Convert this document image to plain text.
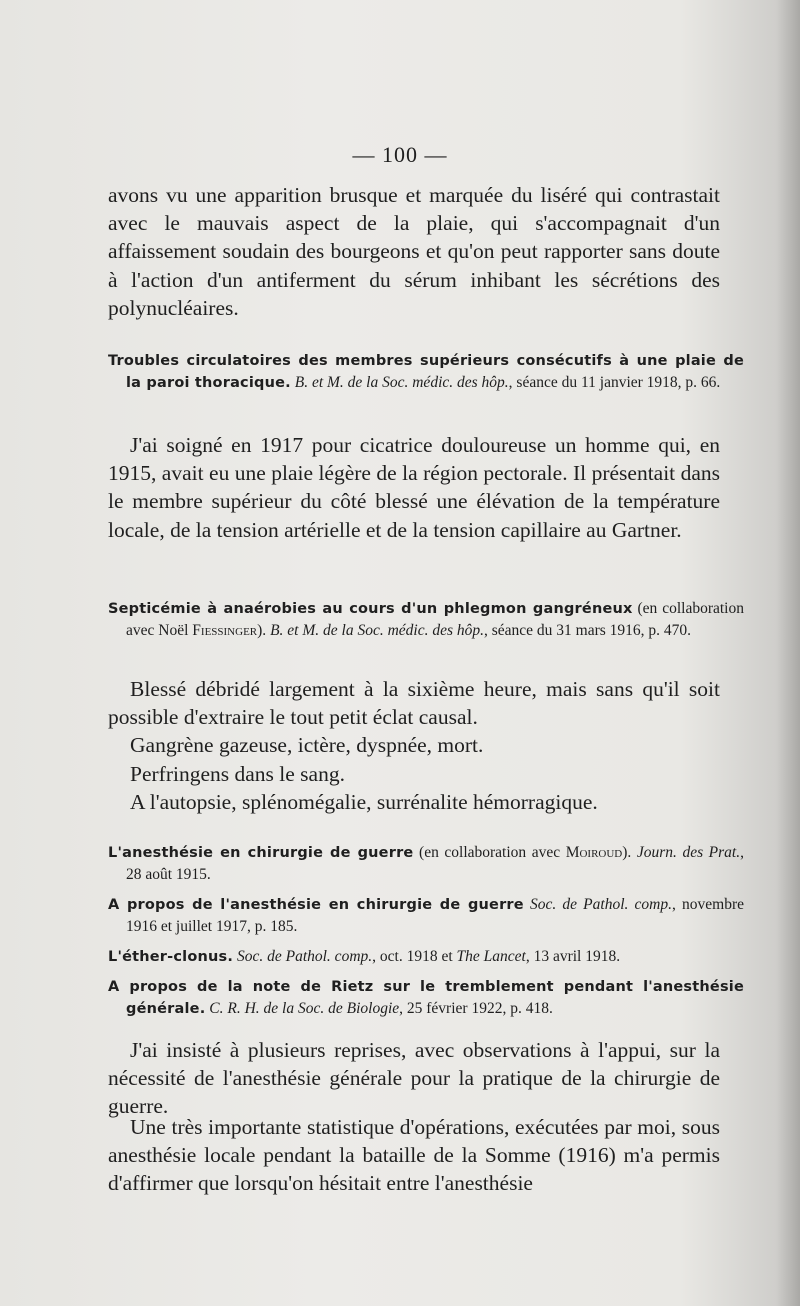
— 100 —

avons vu une apparition brusque et marquée du liséré qui contrastait avec le mauvais aspect de la plaie, qui s'accompagnait d'un affaissement soudain des bourgeons et qu'on peut rapporter sans doute à l'action d'un antiferment du sérum inhibant les sécrétions des polynucléaires.

Troubles circulatoires des membres supérieurs consécutifs à une plaie de la paroi thoracique. B. et M. de la Soc. médic. des hôp., séance du 11 janvier 1918, p. 66.

J'ai soigné en 1917 pour cicatrice douloureuse un homme qui, en 1915, avait eu une plaie légère de la région pectorale. Il présentait dans le membre supérieur du côté blessé une élévation de la température locale, de la tension artérielle et de la tension capillaire au Gartner.

Septicémie à anaérobies au cours d'un phlegmon gangréneux (en collaboration avec Noël Fiessinger). B. et M. de la Soc. médic. des hôp., séance du 31 mars 1916, p. 470.

Blessé débridé largement à la sixième heure, mais sans qu'il soit possible d'extraire le tout petit éclat causal.
Gangrène gazeuse, ictère, dyspnée, mort.
Perfringens dans le sang.
A l'autopsie, splénomégalie, surrénalite hémorragique.

L'anesthésie en chirurgie de guerre (en collaboration avec Moiroud). Journ. des Prat., 28 août 1915.

A propos de l'anesthésie en chirurgie de guerre Soc. de Pathol. comp., novembre 1916 et juillet 1917, p. 185.

L'éther-clonus. Soc. de Pathol. comp., oct. 1918 et The Lancet, 13 avril 1918.

A propos de la note de Rietz sur le tremblement pendant l'anesthésie générale. C. R. H. de la Soc. de Biologie, 25 février 1922, p. 418.

J'ai insisté à plusieurs reprises, avec observations à l'appui, sur la nécessité de l'anesthésie générale pour la pratique de la chirurgie de guerre.

Une très importante statistique d'opérations, exécutées par moi, sous anesthésie locale pendant la bataille de la Somme (1916) m'a permis d'affirmer que lorsqu'on hésitait entre l'anesthésie
